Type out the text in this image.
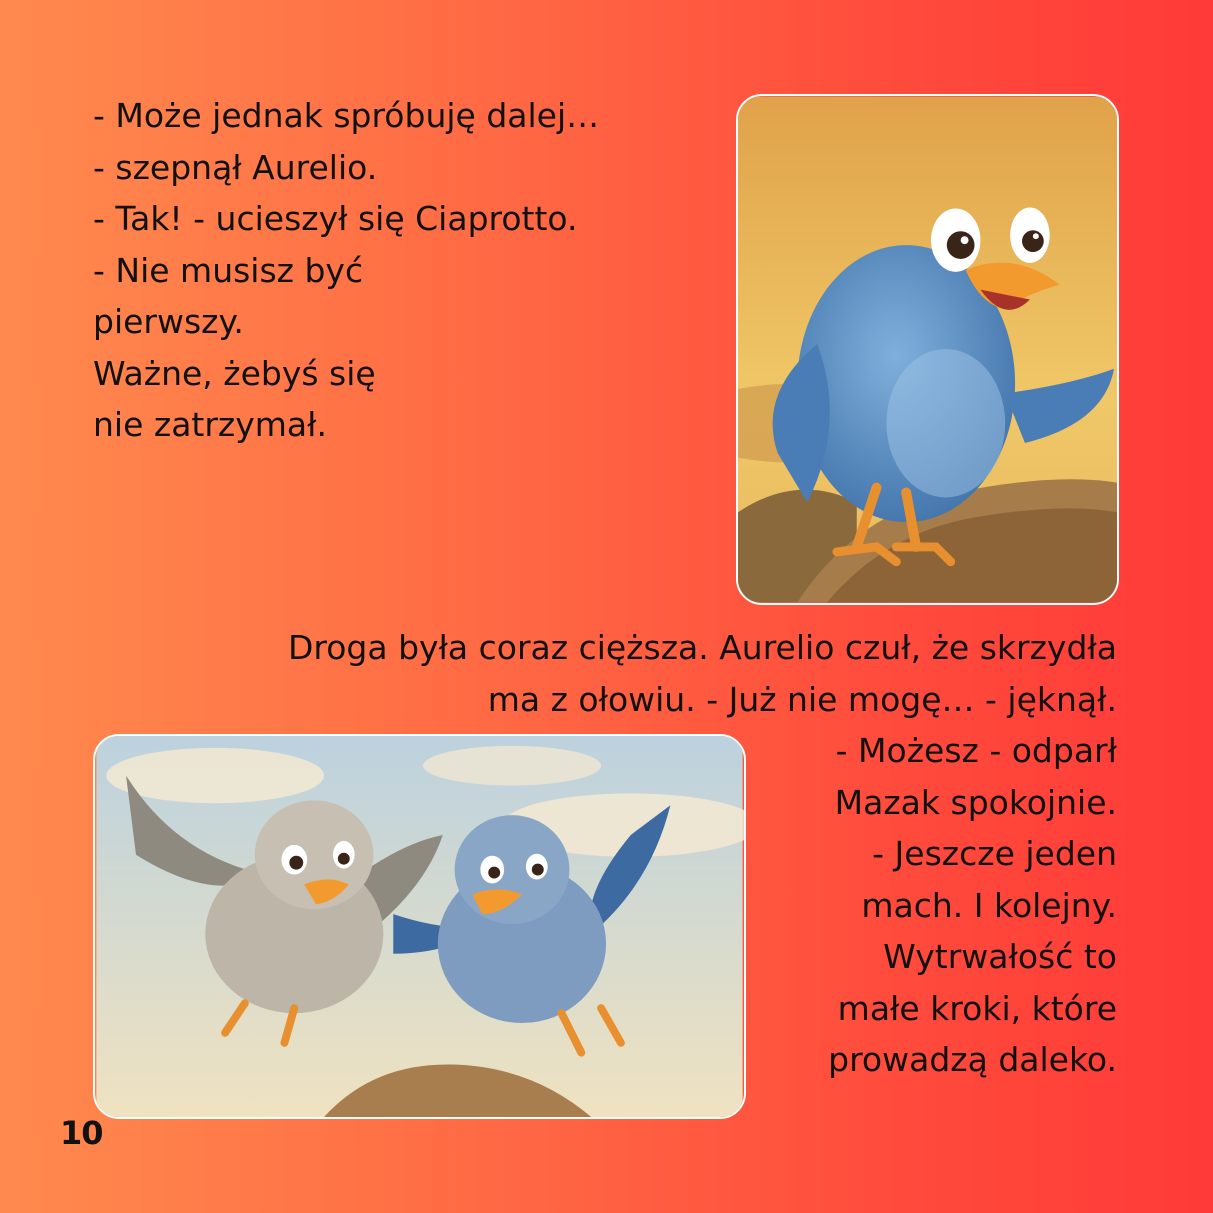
- Może jednak spróbuję dalej…
- szepnął Aurelio.
- Tak! - ucieszył się Ciaprotto.
- Nie musisz być
pierwszy.
Ważne, żebyś się
nie zatrzymał.
Droga była coraz cięższa. Aurelio czuł, że skrzydła
ma z ołowiu. - Już nie mogę… - jęknął.
- Możesz - odparł
Mazak spokojnie.
- Jeszcze jeden
mach. I kolejny.
Wytrwałość to
małe kroki, które
prowadzą daleko.
10
